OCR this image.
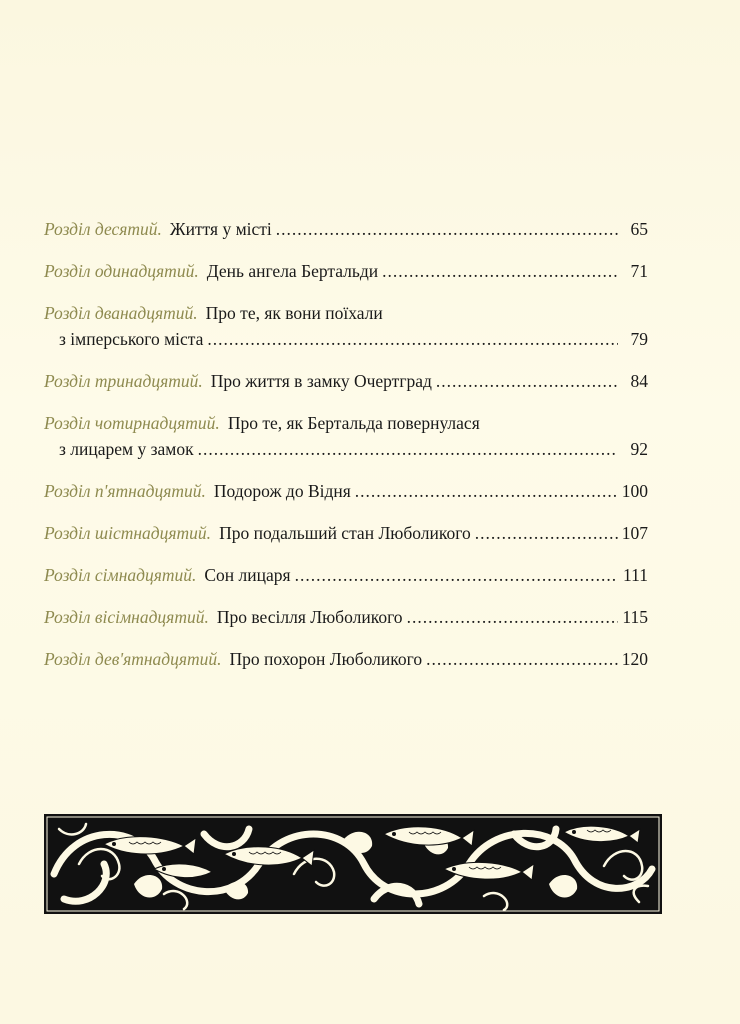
Розділ десятий. Життя у місті .....	65
Розділ одинадцятий. День ангела Бертальди .....	71
Розділ дванадцятий. Про те, як вони поїхали
з імперського міста .....	79
Розділ тринадцятий. Про життя в замку Очертград .....	84
Розділ чотирнадцятий. Про те, як Бертальда повернулася
з лицарем у замок .....	92
Розділ п'ятнадцятий. Подорож до Відня .....	100
Розділ шістнадцятий. Про подальший стан Люболикого .....	107
Розділ сімнадцятий. Сон лицаря .....	111
Розділ вісімнадцятий. Про весілля Люболикого .....	115
Розділ дев'ятнадцятий. Про похорон Люболикого .....	120
